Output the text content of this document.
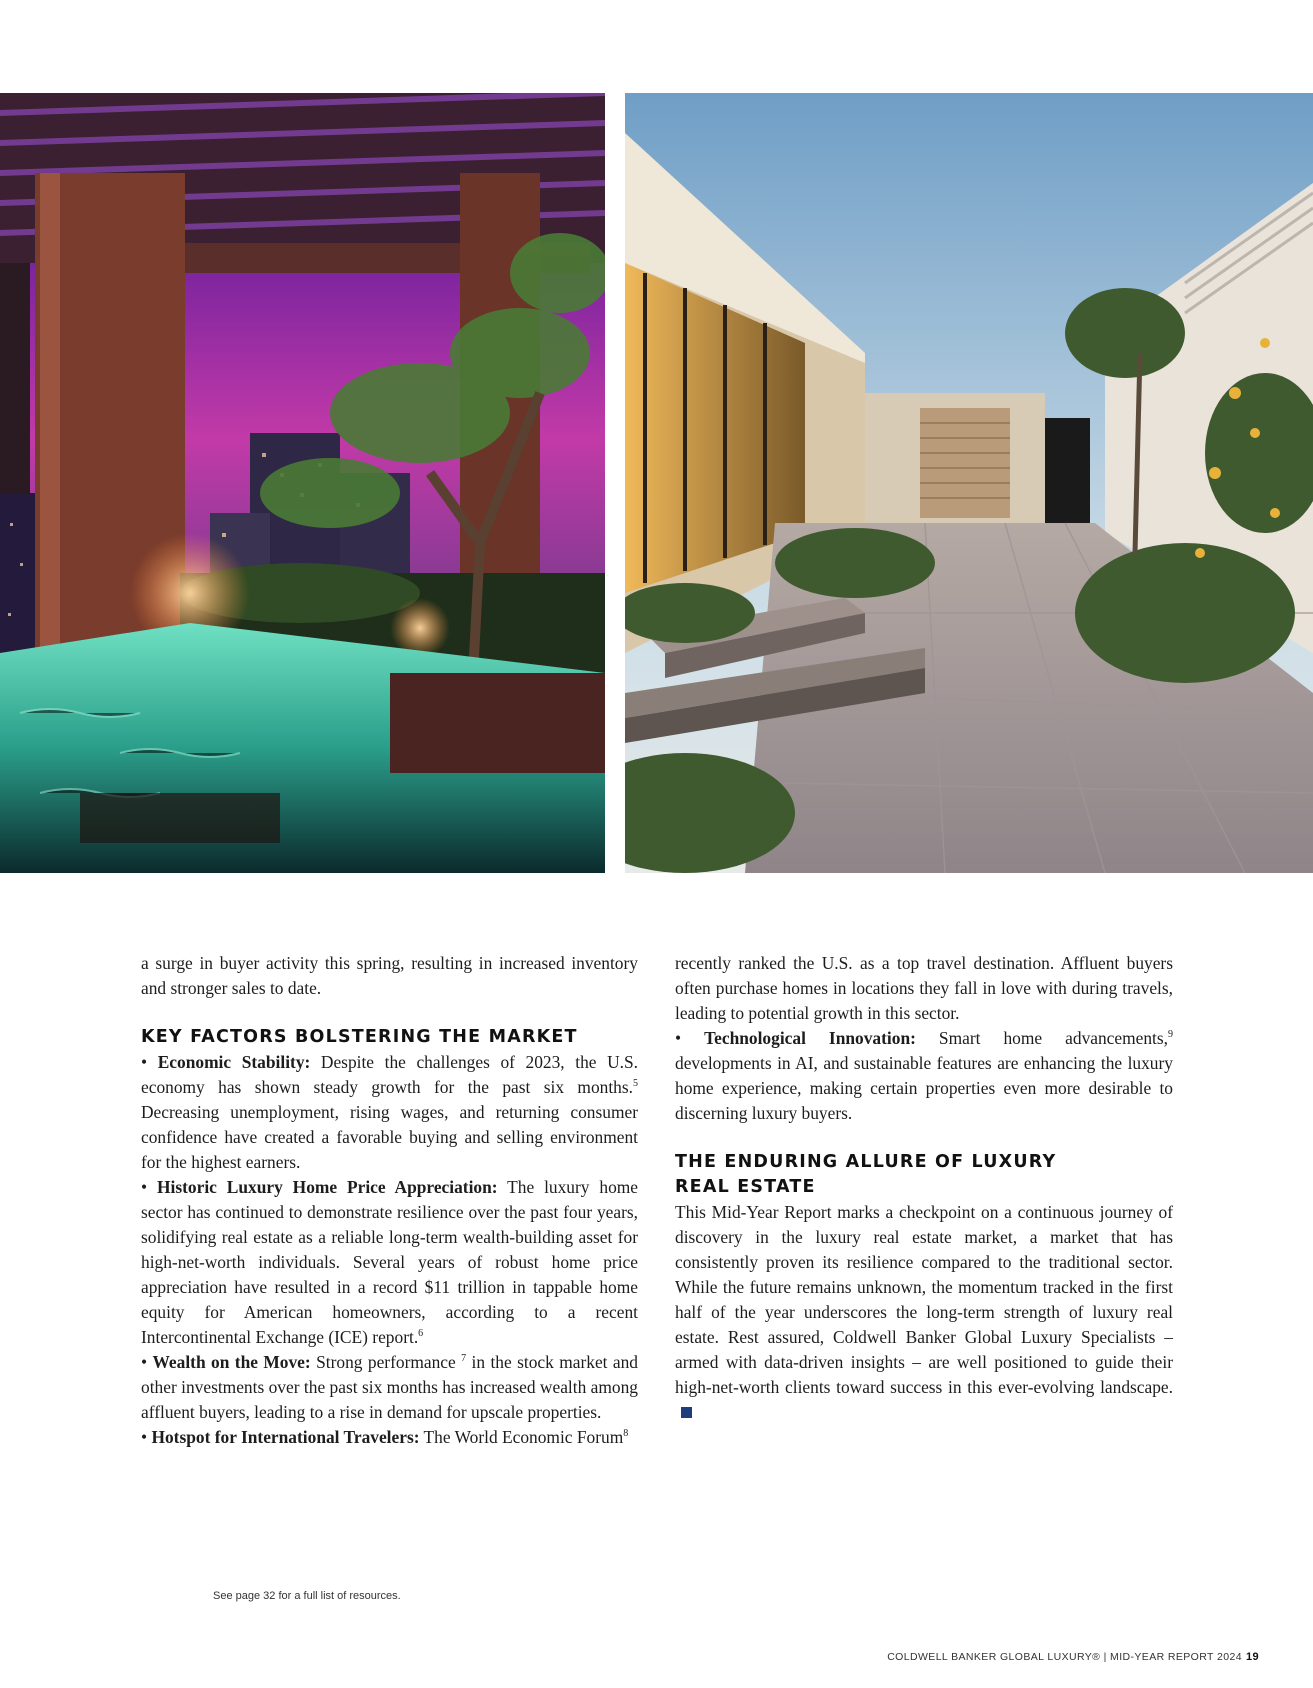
a surge in buyer activity this spring, resulting in increased inventory and stronger sales to date.

KEY FACTORS BOLSTERING THE MARKET

• Economic Stability: Despite the challenges of 2023, the U.S. economy has shown steady growth for the past six months.$^5$ Decreasing unemployment, rising wages, and returning consumer confidence have created a favorable buying and selling environment for the highest earners.

• Historic Luxury Home Price Appreciation: The luxury home sector has continued to demonstrate resilience over the past four years, solidifying real estate as a reliable long-term wealth-building asset for high-net-worth individuals. Several years of robust home price appreciation have resulted in a record $11 trillion in tappable home equity for American homeowners, according to a recent Intercontinental Exchange (ICE) report.$^6$

• Wealth on the Move: Strong performance $^7$ in the stock market and other investments over the past six months has increased wealth among affluent buyers, leading to a rise in demand for upscale properties.

• Hotspot for International Travelers: The World Economic Forum$^8$

recently ranked the U.S. as a top travel destination. Affluent buyers often purchase homes in locations they fall in love with during travels, leading to potential growth in this sector.

• Technological Innovation: Smart home advancements,$^9$ developments in AI, and sustainable features are enhancing the luxury home experience, making certain properties even more desirable to discerning luxury buyers.

THE ENDURING ALLURE OF LUXURY
REAL ESTATE

This Mid-Year Report marks a checkpoint on a continuous journey of discovery in the luxury real estate market, a market that has consistently proven its resilience compared to the traditional sector. While the future remains unknown, the momentum tracked in the first half of the year underscores the long-term strength of luxury real estate. Rest assured, Coldwell Banker Global Luxury Specialists – armed with data-driven insights – are well positioned to guide their high-net-worth clients toward success in this ever-evolving landscape.

See page 32 for a full list of resources.
COLDWELL BANKER GLOBAL LUXURY® | MID-YEAR REPORT 2024 19
